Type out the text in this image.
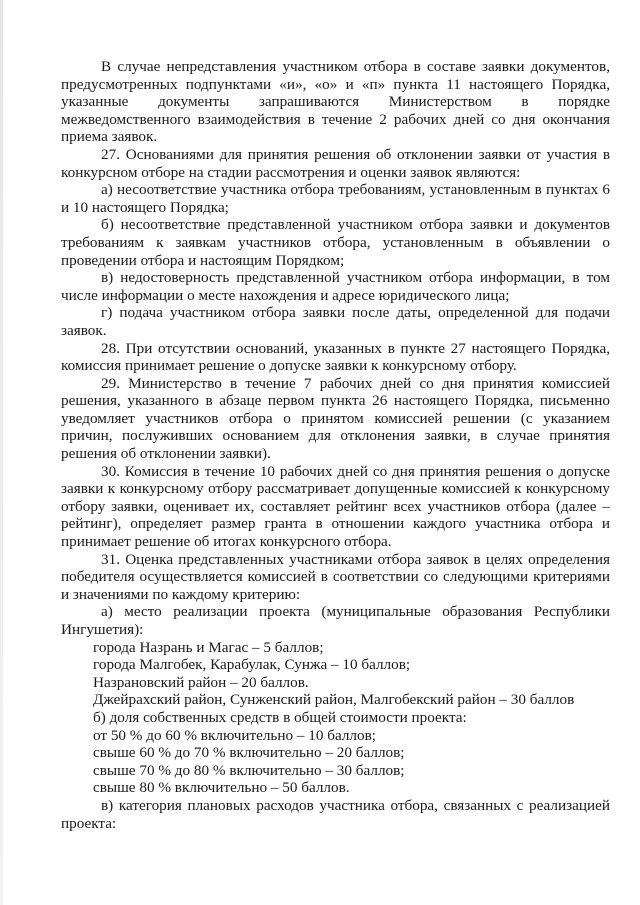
В случае непредставления участником отбора в составе заявки документов, предусмотренных подпунктами «и», «о» и «п» пункта 11 настоящего Порядка, указанные документы запрашиваются Министерством в порядке межведомственного взаимодействия в течение 2 рабочих дней со дня окончания приема заявок.

27. Основаниями для принятия решения об отклонении заявки от участия в конкурсном отборе на стадии рассмотрения и оценки заявок являются:

а) несоответствие участника отбора требованиям, установленным в пунктах 6 и 10 настоящего Порядка;

б) несоответствие представленной участником отбора заявки и документов требованиям к заявкам участников отбора, установленным в объявлении о проведении отбора и настоящим Порядком;

в) недостоверность представленной участником отбора информации, в том числе информации о месте нахождения и адресе юридического лица;

г) подача участником отбора заявки после даты, определенной для подачи заявок.

28. При отсутствии оснований, указанных в пункте 27 настоящего Порядка, комиссия принимает решение о допуске заявки к конкурсному отбору.

29. Министерство в течение 7 рабочих дней со дня принятия комиссией решения, указанного в абзаце первом пункта 26 настоящего Порядка, письменно уведомляет участников отбора о принятом комиссией решении (с указанием причин, послуживших основанием для отклонения заявки, в случае принятия решения об отклонении заявки).

30. Комиссия в течение 10 рабочих дней со дня принятия решения о допуске заявки к конкурсному отбору рассматривает допущенные комиссией к конкурсному отбору заявки, оценивает их, составляет рейтинг всех участников отбора (далее – рейтинг), определяет размер гранта в отношении каждого участника отбора и принимает решение об итогах конкурсного отбора.

31. Оценка представленных участниками отбора заявок в целях определения победителя осуществляется комиссией в соответствии со следующими критериями и значениями по каждому критерию:

а) место реализации проекта (муниципальные образования Республики Ингушетия):

города Назрань и Магас – 5 баллов;

города Малгобек, Карабулак, Сунжа – 10 баллов;

Назрановский район – 20 баллов.

Джейрахский район, Сунженский район, Малгобекский район – 30 баллов

б) доля собственных средств в общей стоимости проекта:

от 50 % до 60 % включительно – 10 баллов;

свыше 60 % до 70 % включительно – 20 баллов;

свыше 70 % до 80 % включительно – 30 баллов;

свыше 80 % включительно – 50 баллов.

в) категория плановых расходов участника отбора, связанных с реализацией проекта:
